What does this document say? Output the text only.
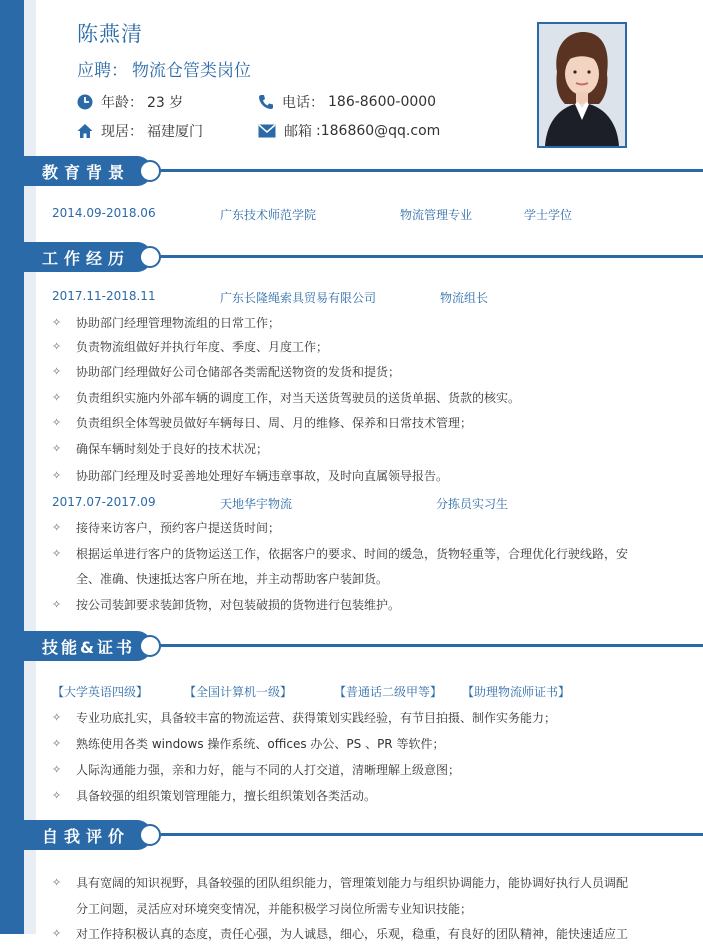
陈燕清
应聘： 物流仓管类岗位
年龄： 23 岁	电话： 186-8600-0000
现居： 福建厦门	邮箱 :186860@qq.com
教育背景
2014.09-2018.06	广东技术师范学院	物流管理专业	学士学位
工作经历
2017.11-2018.11	广东长隆绳索具贸易有限公司	物流组长
✧ 协助部门经理管理物流组的日常工作；
✧ 负责物流组做好并执行年度、季度、月度工作；
✧ 协助部门经理做好公司仓储部各类需配送物资的发货和提货；
✧ 负责组织实施内外部车辆的调度工作，对当天送货驾驶员的送货单据、货款的核实。
✧ 负责组织全体驾驶员做好车辆每日、周、月的维修、保养和日常技术管理；
✧ 确保车辆时刻处于良好的技术状况；
✧ 协助部门经理及时妥善地处理好车辆违章事故，及时向直属领导报告。
2017.07-2017.09	天地华宇物流	分拣员实习生
✧ 接待来访客户，预约客户提送货时间；
✧ 根据运单进行客户的货物运送工作，依据客户的要求、时间的缓急，货物轻重等，合理优化行驶线路，安
全、准确、快速抵达客户所在地，并主动帮助客户装卸货。
✧ 按公司装卸要求装卸货物，对包装破损的货物进行包装维护。
技能&证书
【大学英语四级】	【全国计算机一级】	【普通话二级甲等】 【助理物流师证书】
✧ 专业功底扎实，具备较丰富的物流运营、获得策划实践经验，有节目拍摄、制作实务能力；
✧ 熟练使用各类 windows 操作系统、offices 办公、PS 、PR 等软件；
✧ 人际沟通能力强，亲和力好，能与不同的人打交道，清晰理解上级意图；
✧ 具备较强的组织策划管理能力，擅长组织策划各类活动。
自我评价
✧ 具有宽阔的知识视野，具备较强的团队组织能力，管理策划能力与组织协调能力，能协调好执行人员调配
分工问题，灵活应对环境突变情况，并能积极学习岗位所需专业知识技能；
✧ 对工作持积极认真的态度，责任心强，为人诚恳，细心，乐观，稳重，有良好的团队精神，能快速适应工
